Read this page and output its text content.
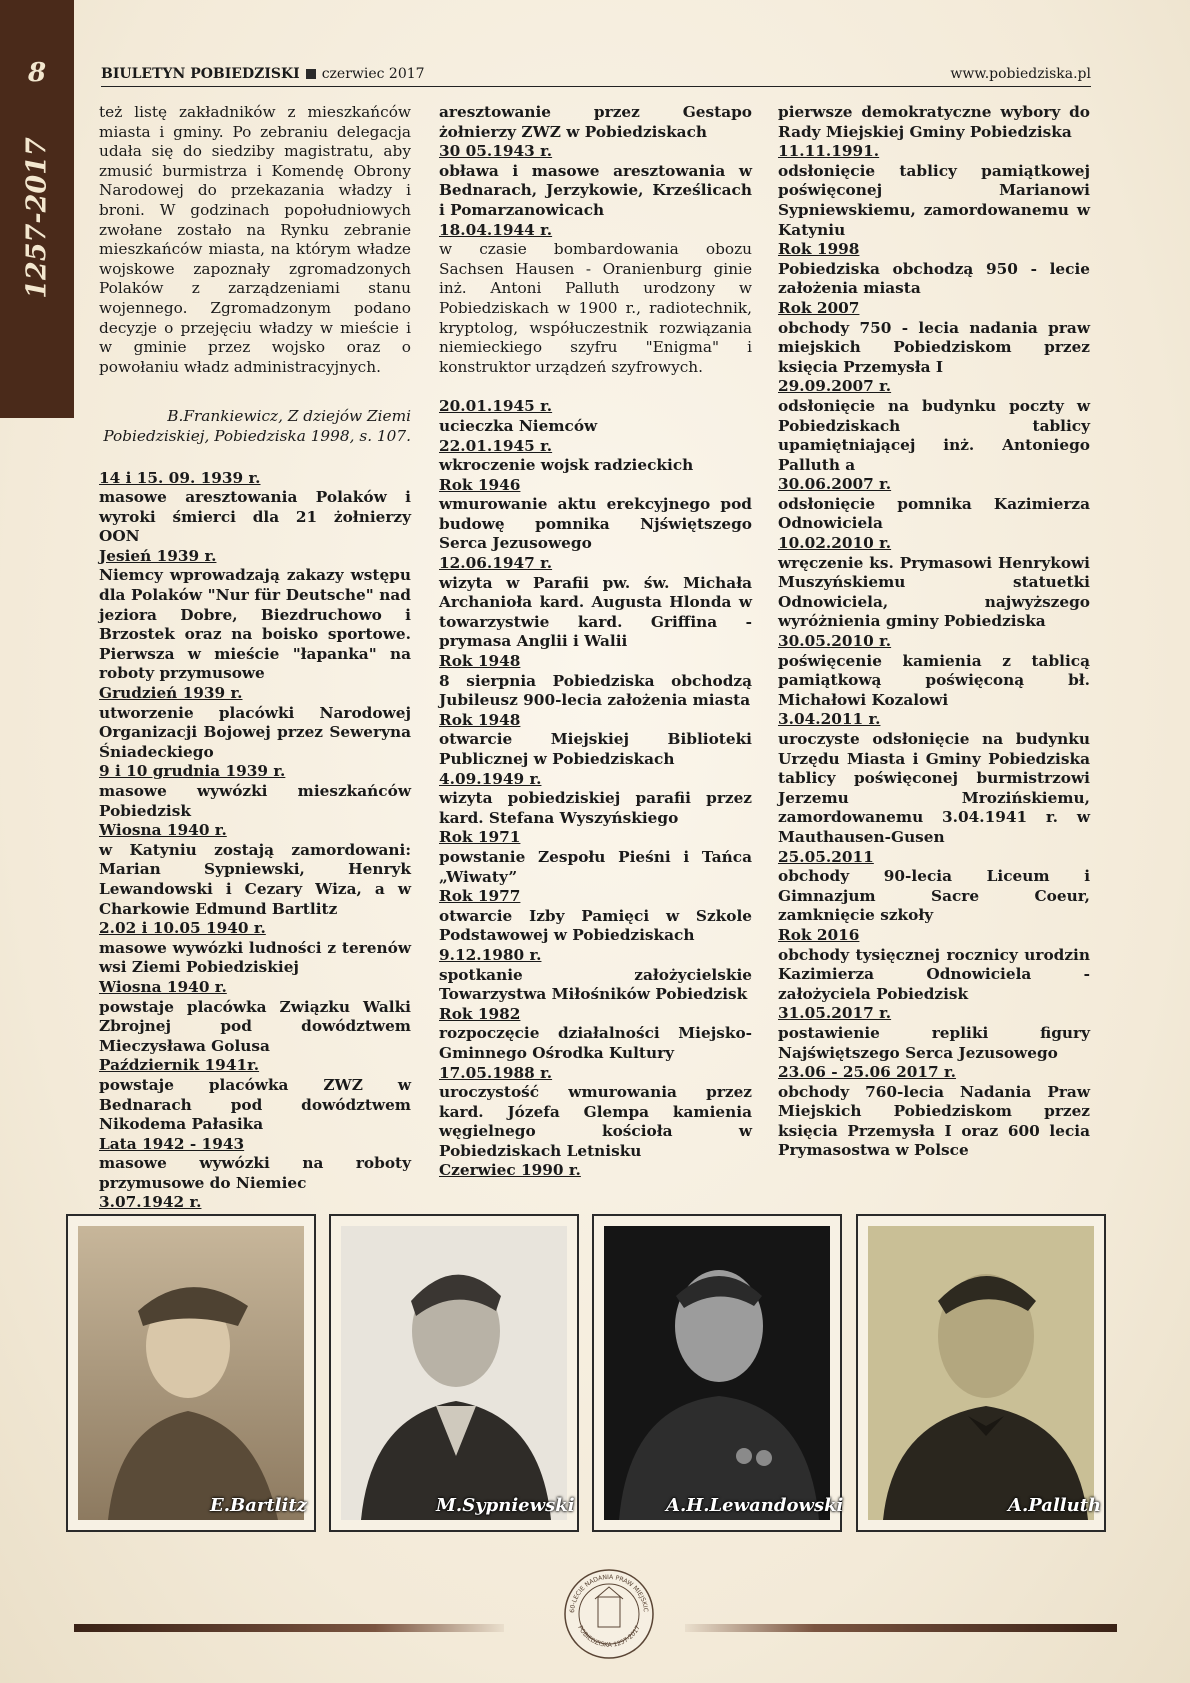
8
1257-2017
BIULETYN POBIEDZISKI czerwiec 2017	www.pobiedziska.pl

też listę zakładników z mieszkańców miasta i gminy. Po zebraniu delegacja udała się do siedziby magistratu, aby zmusić burmistrza i Komendę Obrony Narodowej do przekazania władzy i broni. W godzinach popołudniowych zwołane zostało na Rynku zebranie mieszkańców miasta, na którym władze wojskowe zapoznały zgromadzonych Polaków z zarządzeniami stanu wojennego. Zgromadzonym podano decyzje o przejęciu władzy w mieście i w gminie przez wojsko oraz o powołaniu władz administracyjnych.

B.Frankiewicz, Z dziejów Ziemi Pobiedziskiej, Pobiedziska 1998, s. 107.

14 i 15. 09. 1939 r.

masowe aresztowania Polaków i wyroki śmierci dla 21 żołnierzy OON

Jesień 1939 r.

Niemcy wprowadzają zakazy wstępu dla Polaków "Nur für Deutsche" nad jeziora Dobre, Biezdruchowo i Brzostek oraz na boisko sportowe. Pierwsza w mieście "łapanka" na roboty przymusowe

Grudzień 1939 r.

utworzenie placówki Narodowej Organizacji Bojowej przez Seweryna Śniadeckiego

9 i 10 grudnia 1939 r.

masowe wywózki mieszkańców Pobiedzisk

Wiosna 1940 r.

w Katyniu zostają zamordowani: Marian Sypniewski, Henryk Lewandowski i Cezary Wiza, a w Charkowie Edmund Bartlitz

2.02 i 10.05 1940 r.

masowe wywózki ludności z terenów wsi Ziemi Pobiedziskiej

Wiosna 1940 r.

powstaje placówka Związku Walki Zbrojnej pod dowództwem Mieczysława Golusa

Październik 1941r.

powstaje placówka ZWZ w Bednarach pod dowództwem Nikodema Pałasika

Lata 1942 - 1943

masowe wywózki na roboty przymusowe do Niemiec

3.07.1942 r.

aresztowanie przez Gestapo żołnierzy ZWZ w Pobiedziskach

30 05.1943 r.

obława i masowe aresztowania w Bednarach, Jerzykowie, Krześlicach i Pomarzanowicach

18.04.1944 r.

w czasie bombardowania obozu Sachsen Hausen - Oranienburg ginie inż. Antoni Palluth urodzony w Pobiedziskach w 1900 r., radiotechnik, kryptolog, współuczestnik rozwiązania niemieckiego szyfru "Enigma" i konstruktor urządzeń szyfrowych.

20.01.1945 r.

ucieczka Niemców

22.01.1945 r.

wkroczenie wojsk radzieckich

Rok 1946

wmurowanie aktu erekcyjnego pod budowę pomnika Njświętszego Serca Jezusowego

12.06.1947 r.

wizyta w Parafii pw. św. Michała Archanioła kard. Augusta Hlonda w towarzystwie kard. Griffina - prymasa Anglii i Walii

Rok 1948

8 sierpnia Pobiedziska obchodzą Jubileusz 900-lecia założenia miasta

Rok 1948

otwarcie Miejskiej Biblioteki Publicznej w Pobiedziskach

4.09.1949 r.

wizyta pobiedziskiej parafii przez kard. Stefana Wyszyńskiego

Rok 1971

powstanie Zespołu Pieśni i Tańca „Wiwaty”

Rok 1977

otwarcie Izby Pamięci w Szkole Podstawowej w Pobiedziskach

9.12.1980 r.

spotkanie założycielskie Towarzystwa Miłośników Pobiedzisk

Rok 1982

rozpoczęcie działalności Miejsko-Gminnego Ośrodka Kultury

17.05.1988 r.

uroczystość wmurowania przez kard. Józefa Glempa kamienia węgielnego kościoła w Pobiedziskach Letnisku

Czerwiec 1990 r.

pierwsze demokratyczne wybory do Rady Miejskiej Gminy Pobiedziska

11.11.1991.

odsłonięcie tablicy pamiątkowej poświęconej Marianowi Sypniewskiemu, zamordowanemu w Katyniu

Rok 1998

Pobiedziska obchodzą 950 - lecie założenia miasta

Rok 2007

obchody 750 - lecia nadania praw miejskich Pobiedziskom przez księcia Przemysła I

29.09.2007 r.

odsłonięcie na budynku poczty w Pobiedziskach tablicy upamiętniającej inż. Antoniego Palluth a

30.06.2007 r.

odsłonięcie pomnika Kazimierza Odnowiciela

10.02.2010 r.

wręczenie ks. Prymasowi Henrykowi Muszyńskiemu statuetki Odnowiciela, najwyższego wyróżnienia gminy Pobiedziska

30.05.2010 r.

poświęcenie kamienia z tablicą pamiątkową poświęconą bł. Michałowi Kozalowi

3.04.2011 r.

uroczyste odsłonięcie na budynku Urzędu Miasta i Gminy Pobiedziska tablicy poświęconej burmistrzowi Jerzemu Mrozińskiemu, zamordowanemu 3.04.1941 r. w Mauthausen-Gusen

25.05.2011

obchody 90-lecia Liceum i Gimnazjum Sacre Coeur, zamknięcie szkoły

Rok 2016

obchody tysięcznej rocznicy urodzin Kazimierza Odnowiciela - założyciela Pobiedzisk

31.05.2017 r.

postawienie repliki figury Najświętszego Serca Jezusowego

23.06 - 25.06 2017 r.

obchody 760-lecia Nadania Praw Miejskich Pobiedziskom przez księcia Przemysła I oraz 600 lecia Prymasostwa w Polsce

E.Bartlitz	M.Sypniewski	A.H.Lewandowski	A.Palluth
60-LECIE NADANIA PRAW MIEJSKIC
POBIEDZISKA 1257-2017
